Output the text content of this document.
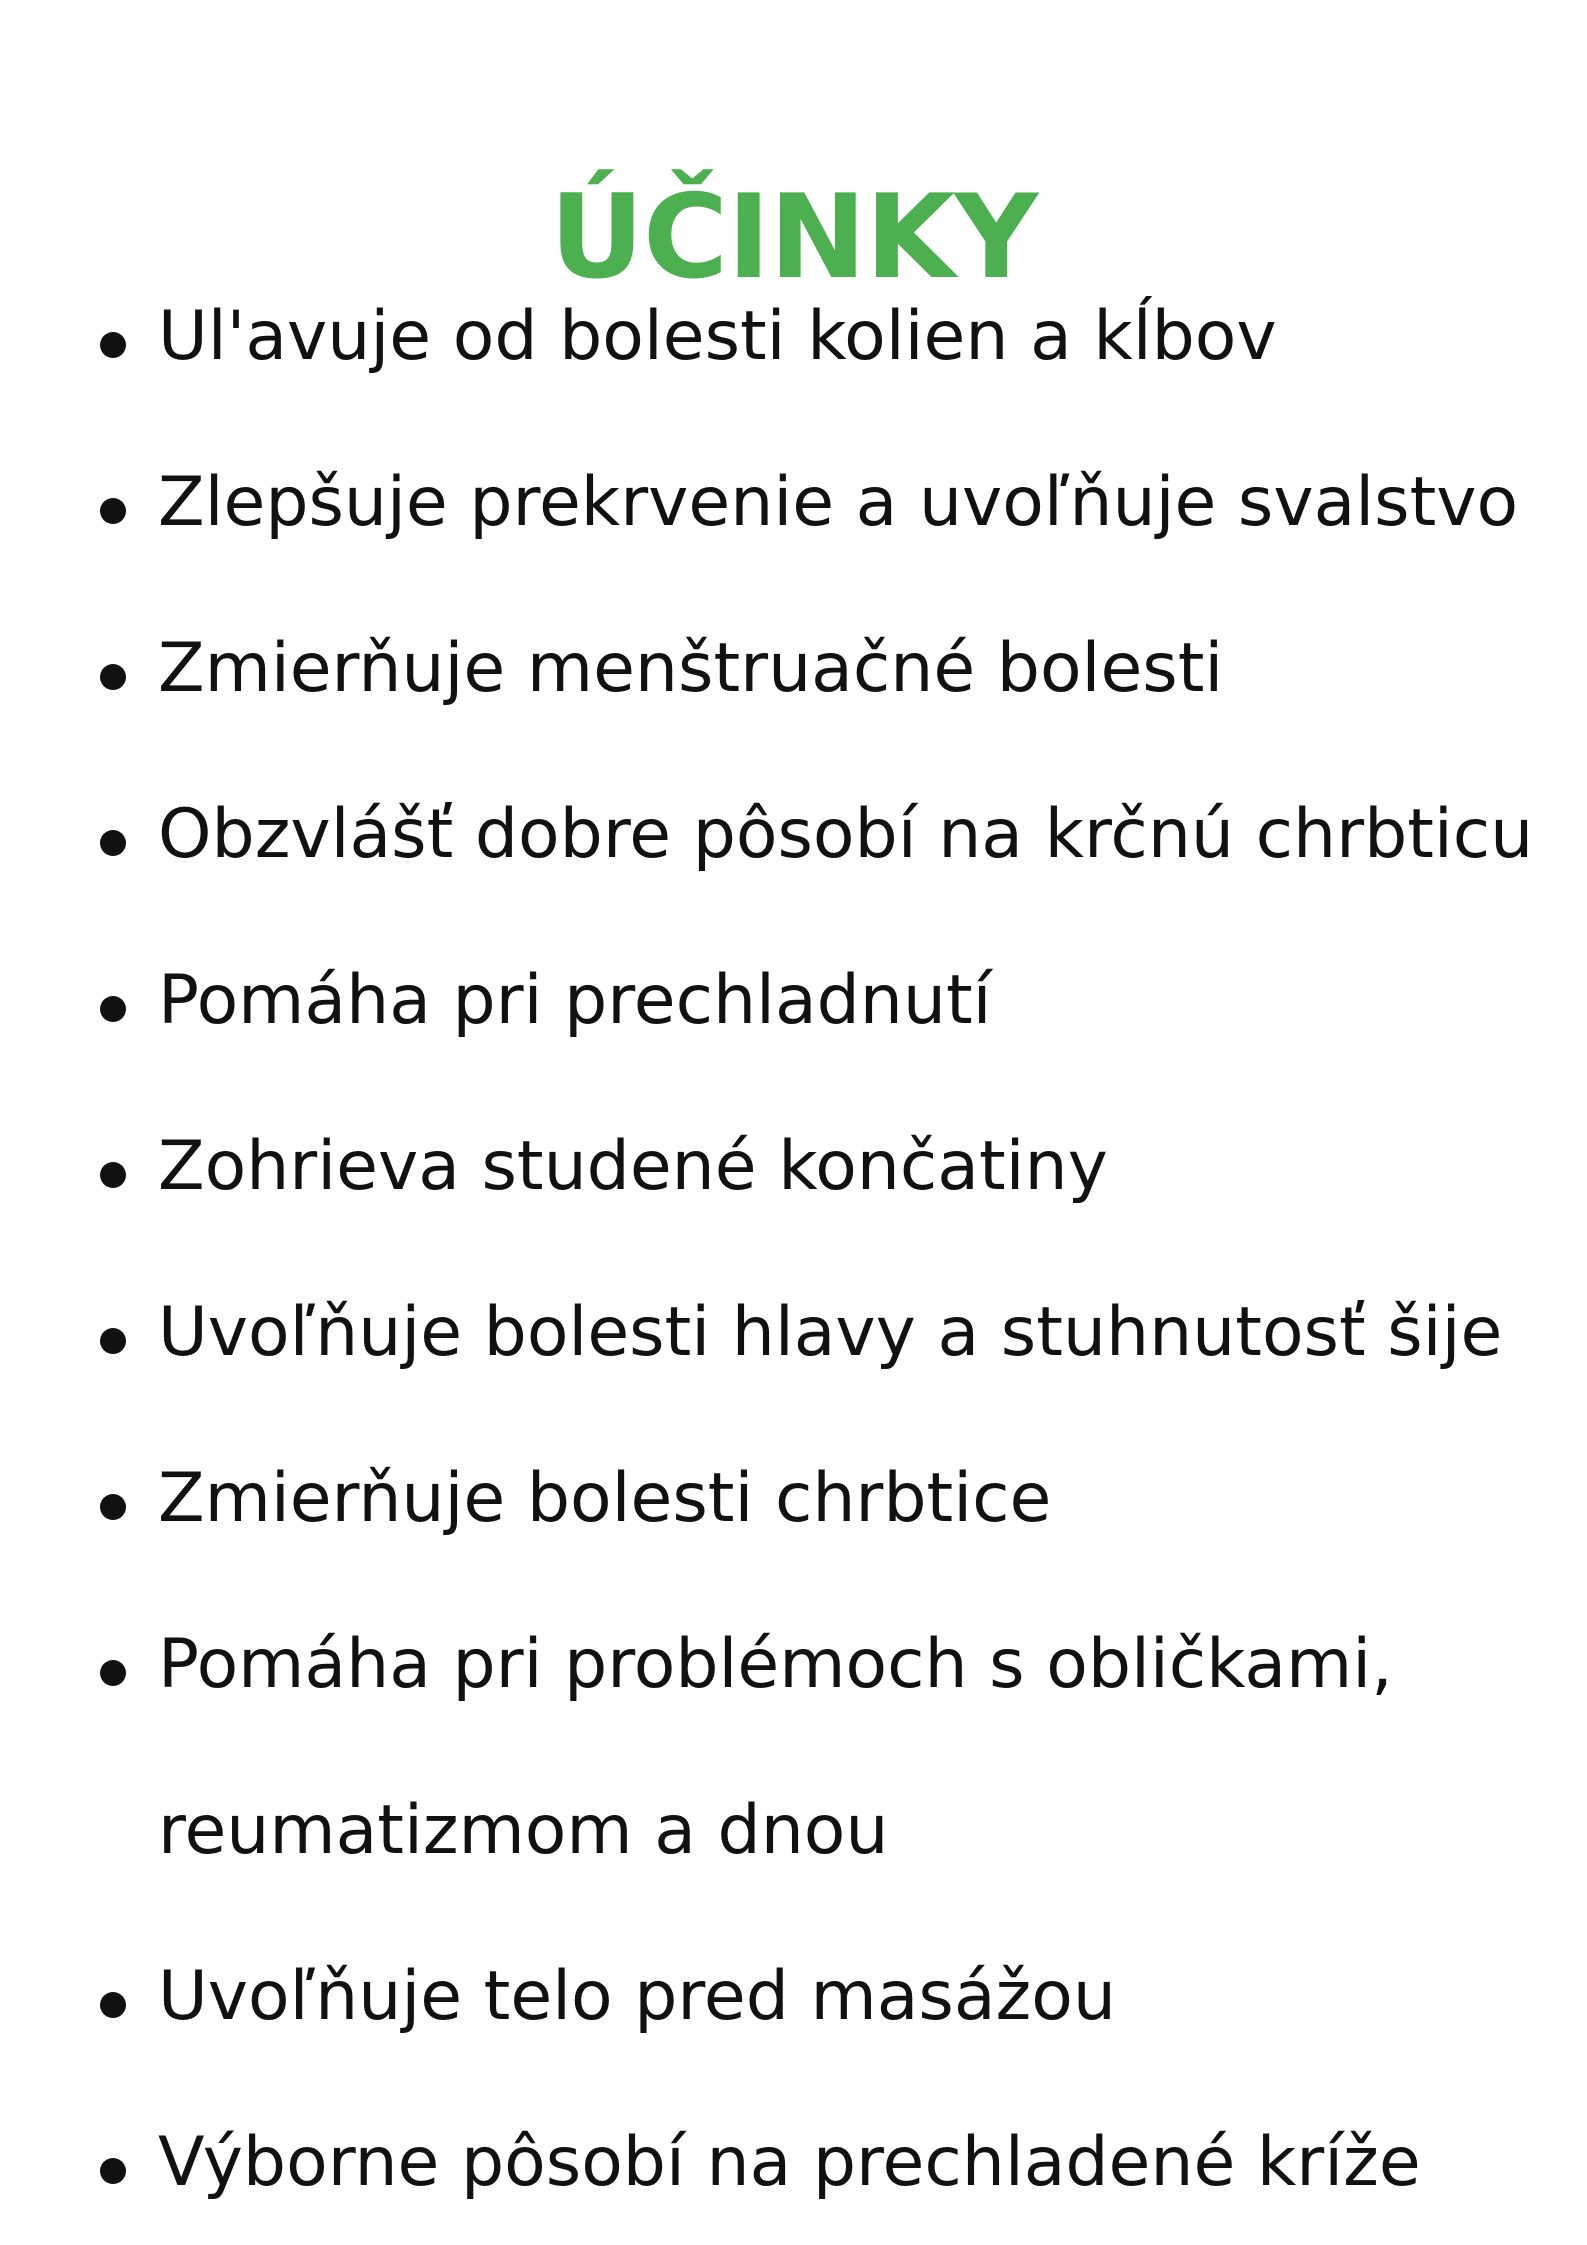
ÚČINKY
Ul'avuje od bolesti kolien a kĺbov
Zlepšuje prekrvenie a uvoľňuje svalstvo
Zmierňuje menštruačné bolesti
Obzvlášť dobre pôsobí na krčnú chrbticu
Pomáha pri prechladnutí
Zohrieva studené končatiny
Uvoľňuje bolesti hlavy a stuhnutosť šije
Zmierňuje bolesti chrbtice
Pomáha pri problémoch s obličkami,
reumatizmom a dnou
Uvoľňuje telo pred masážou
Výborne pôsobí na prechladené kríže
